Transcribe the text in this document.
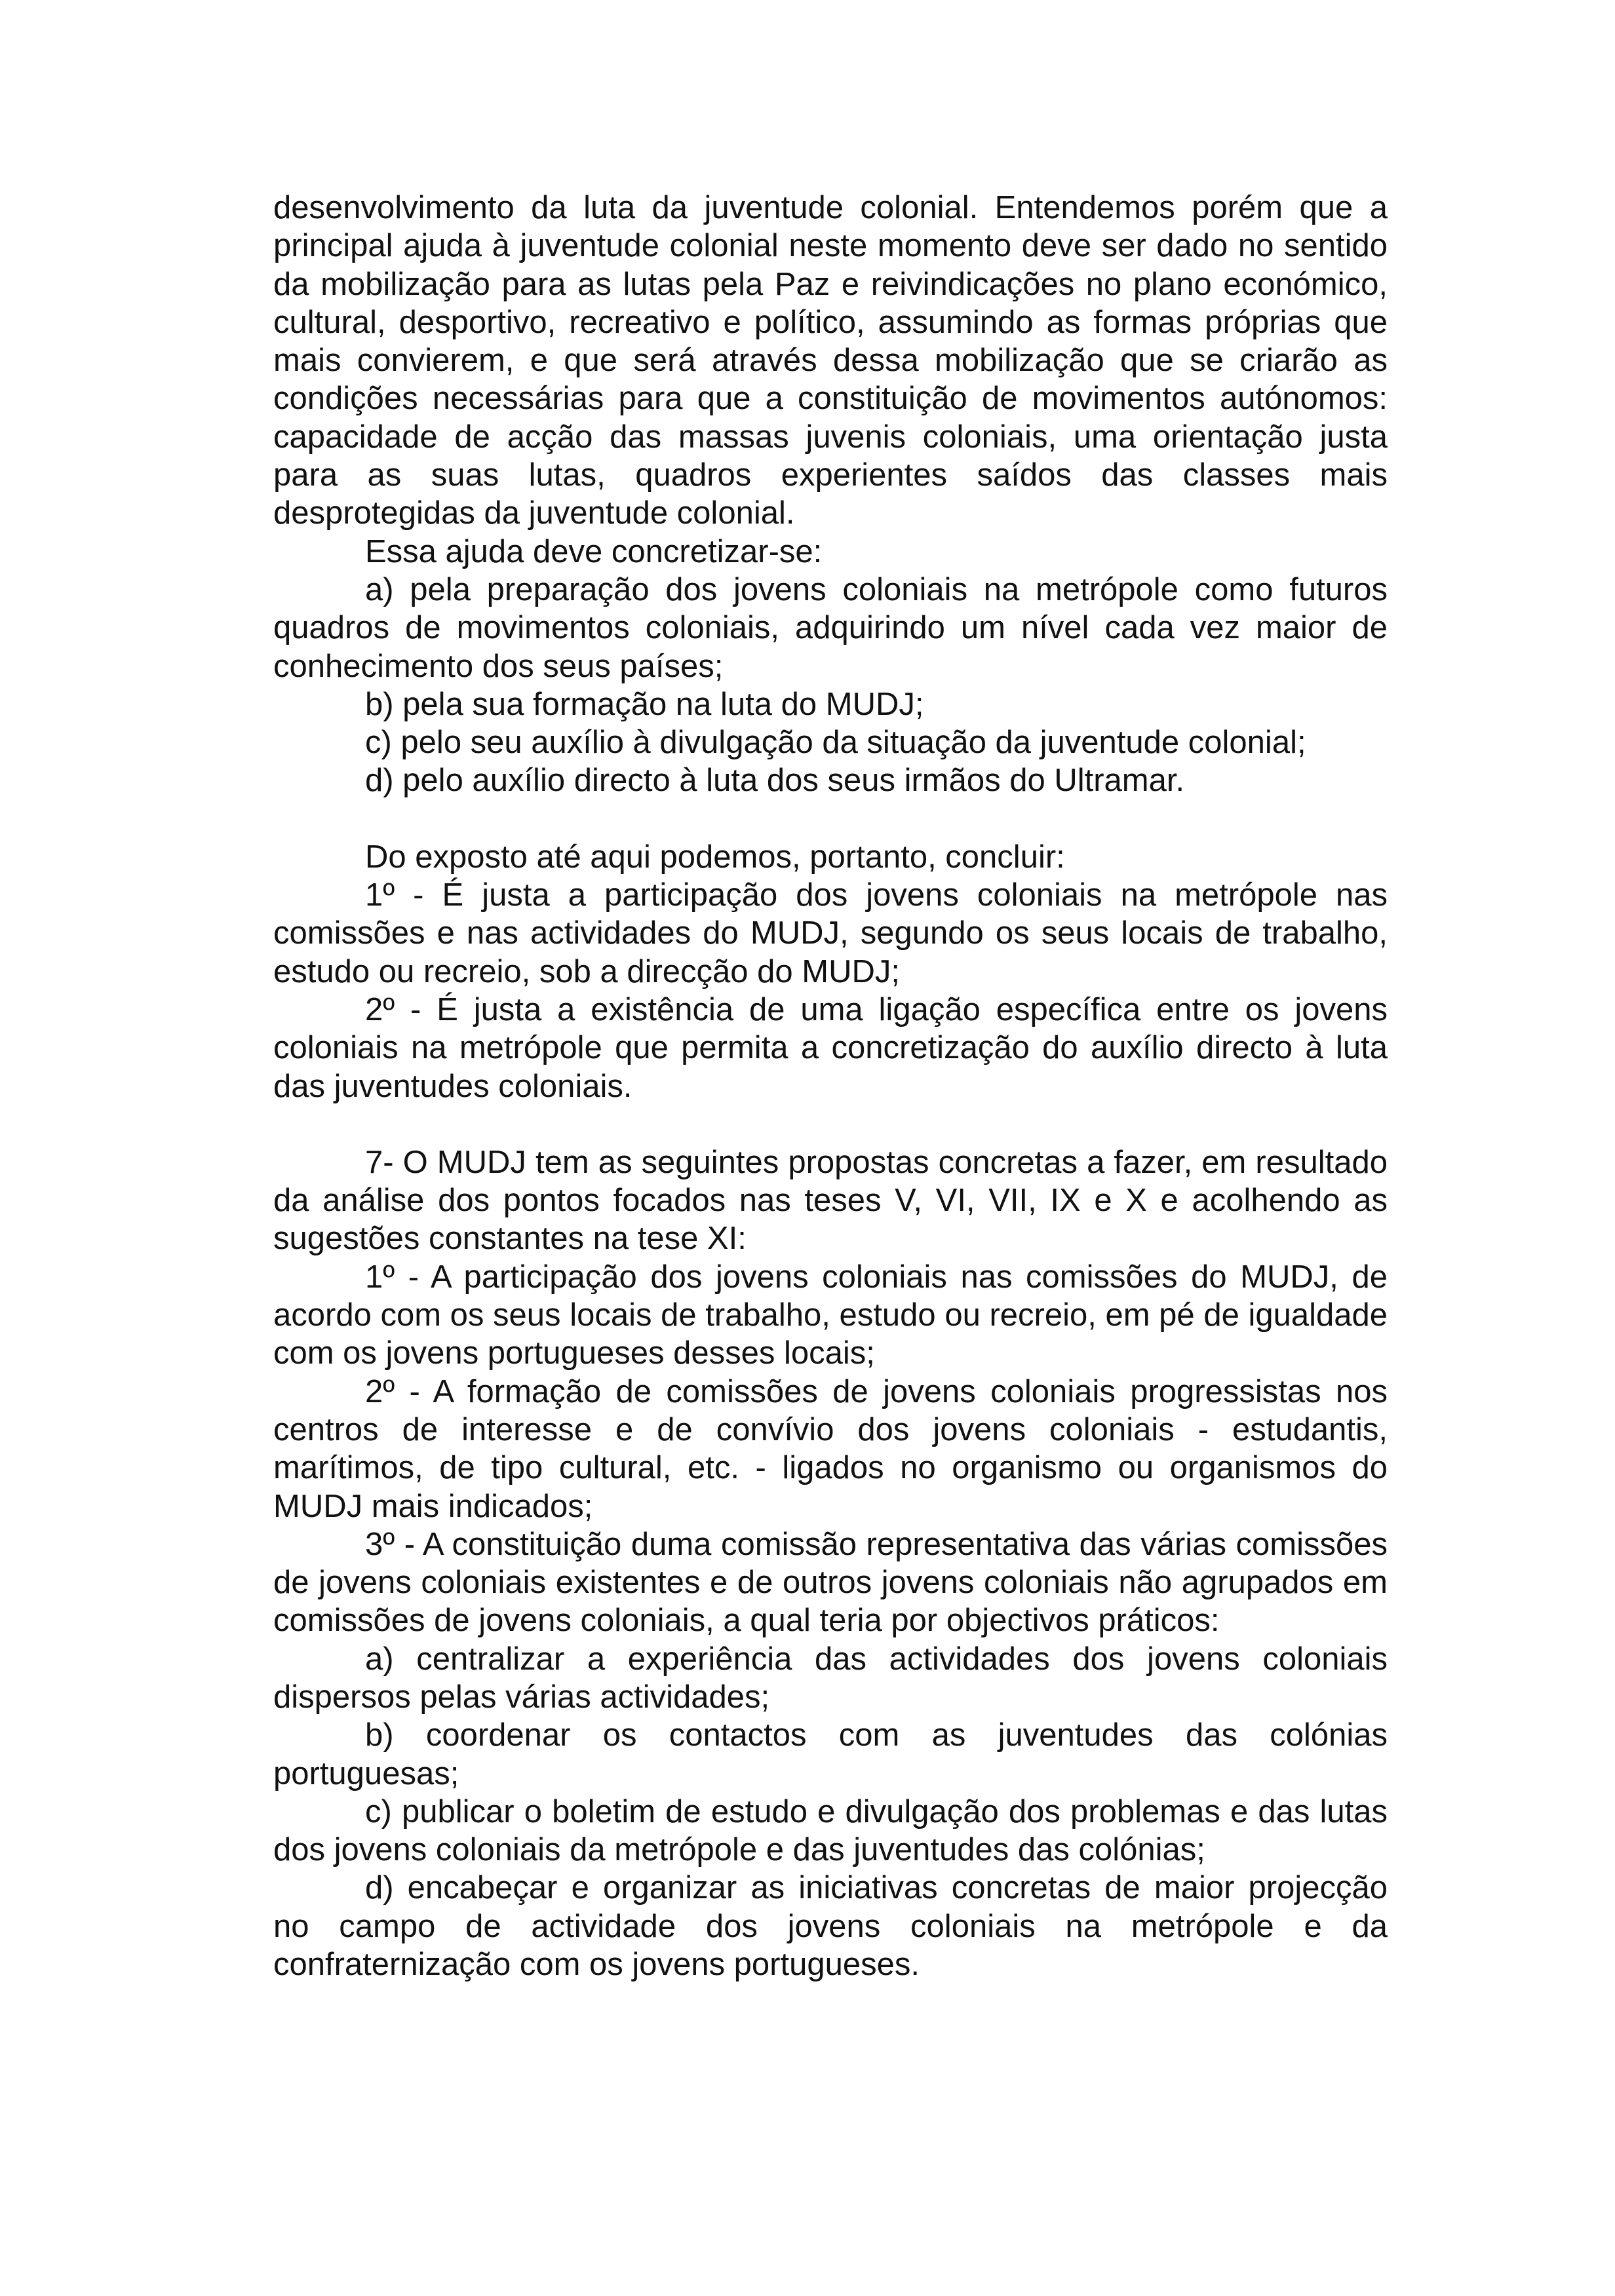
desenvolvimento da luta da juventude colonial. Entendemos porém que a principal ajuda à juventude colonial neste momento deve ser dado no sentido da mobilização para as lutas pela Paz e reivindicações no plano económico, cultural, desportivo, recreativo e político, assumindo as formas próprias que mais convierem, e que será através dessa mobilização que se criarão as condições necessárias para que a constituição de movimentos autónomos: capacidade de acção das massas juvenis coloniais, uma orientação justa para as suas lutas, quadros experientes saídos das classes mais desprotegidas da juventude colonial.

Essa ajuda deve concretizar-se:

a) pela preparação dos jovens coloniais na metrópole como futuros quadros de movimentos coloniais, adquirindo um nível cada vez maior de conhecimento dos seus países;

b) pela sua formação na luta do MUDJ;

c) pelo seu auxílio à divulgação da situação da juventude colonial;

d) pelo auxílio directo à luta dos seus irmãos do Ultramar.

Do exposto até aqui podemos, portanto, concluir:

1º - É justa a participação dos jovens coloniais na metrópole nas comissões e nas actividades do MUDJ, segundo os seus locais de trabalho, estudo ou recreio, sob a direcção do MUDJ;

2º - É justa a existência de uma ligação específica entre os jovens coloniais na metrópole que permita a concretização do auxílio directo à luta das juventudes coloniais.

7- O MUDJ tem as seguintes propostas concretas a fazer, em resultado da análise dos pontos focados nas teses V, VI, VII, IX e X e acolhendo as sugestões constantes na tese XI:

1º - A participação dos jovens coloniais nas comissões do MUDJ, de acordo com os seus locais de trabalho, estudo ou recreio, em pé de igualdade com os jovens portugueses desses locais;

2º - A formação de comissões de jovens coloniais progressistas nos centros de interesse e de convívio dos jovens coloniais - estudantis, marítimos, de tipo cultural, etc. - ligados no organismo ou organismos do MUDJ mais indicados;

3º - A constituição duma comissão representativa das várias comissões de jovens coloniais existentes e de outros jovens coloniais não agrupados em comissões de jovens coloniais, a qual teria por objectivos práticos:

a) centralizar a experiência das actividades dos jovens coloniais dispersos pelas várias actividades;

b) coordenar os contactos com as juventudes das colónias portuguesas;

c) publicar o boletim de estudo e divulgação dos problemas e das lutas dos jovens coloniais da metrópole e das juventudes das colónias;

d) encabeçar e organizar as iniciativas concretas de maior projecção no campo de actividade dos jovens coloniais na metrópole e da confraternização com os jovens portugueses.
